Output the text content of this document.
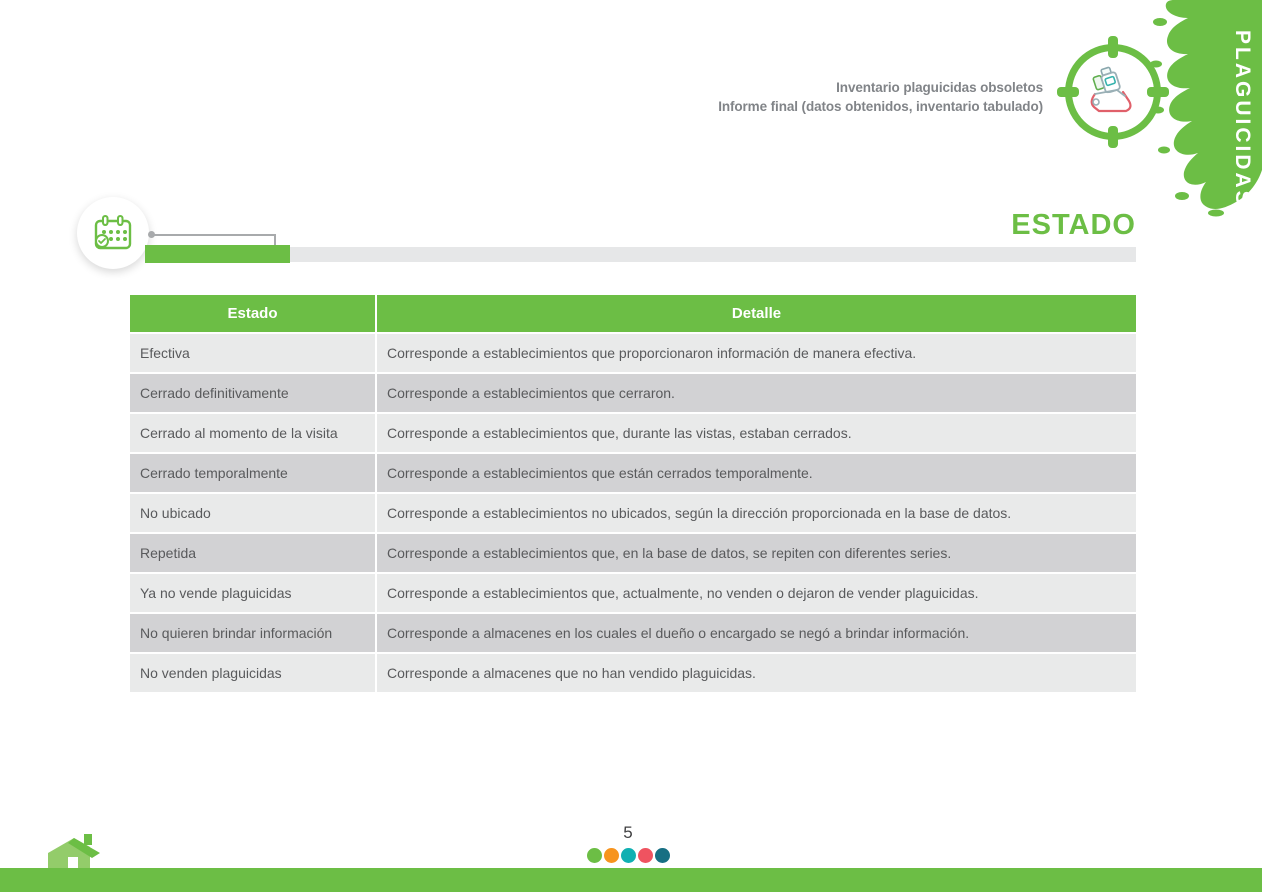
Inventario plaguicidas obsoletos
Informe final (datos obtenidos, inventario tabulado)	PLAGUICIDAS
ESTADO
Estado	Detalle
Efectiva	Corresponde a establecimientos que proporcionaron información de manera efectiva.
Cerrado definitivamente	Corresponde a establecimientos que cerraron.
Cerrado al momento de la visita	Corresponde a establecimientos que, durante las vistas, estaban cerrados.
Cerrado temporalmente	Corresponde a establecimientos que están cerrados temporalmente.
No ubicado	Corresponde a establecimientos no ubicados, según la dirección proporcionada en la base de datos.
Repetida	Corresponde a establecimientos que, en la base de datos, se repiten con diferentes series.
Ya no vende plaguicidas	Corresponde a establecimientos que, actualmente, no venden o dejaron de vender plaguicidas.
No quieren brindar información	Corresponde a almacenes en los cuales el dueño o encargado se negó a brindar información.
No venden plaguicidas	Corresponde a almacenes que no han vendido plaguicidas.
5
